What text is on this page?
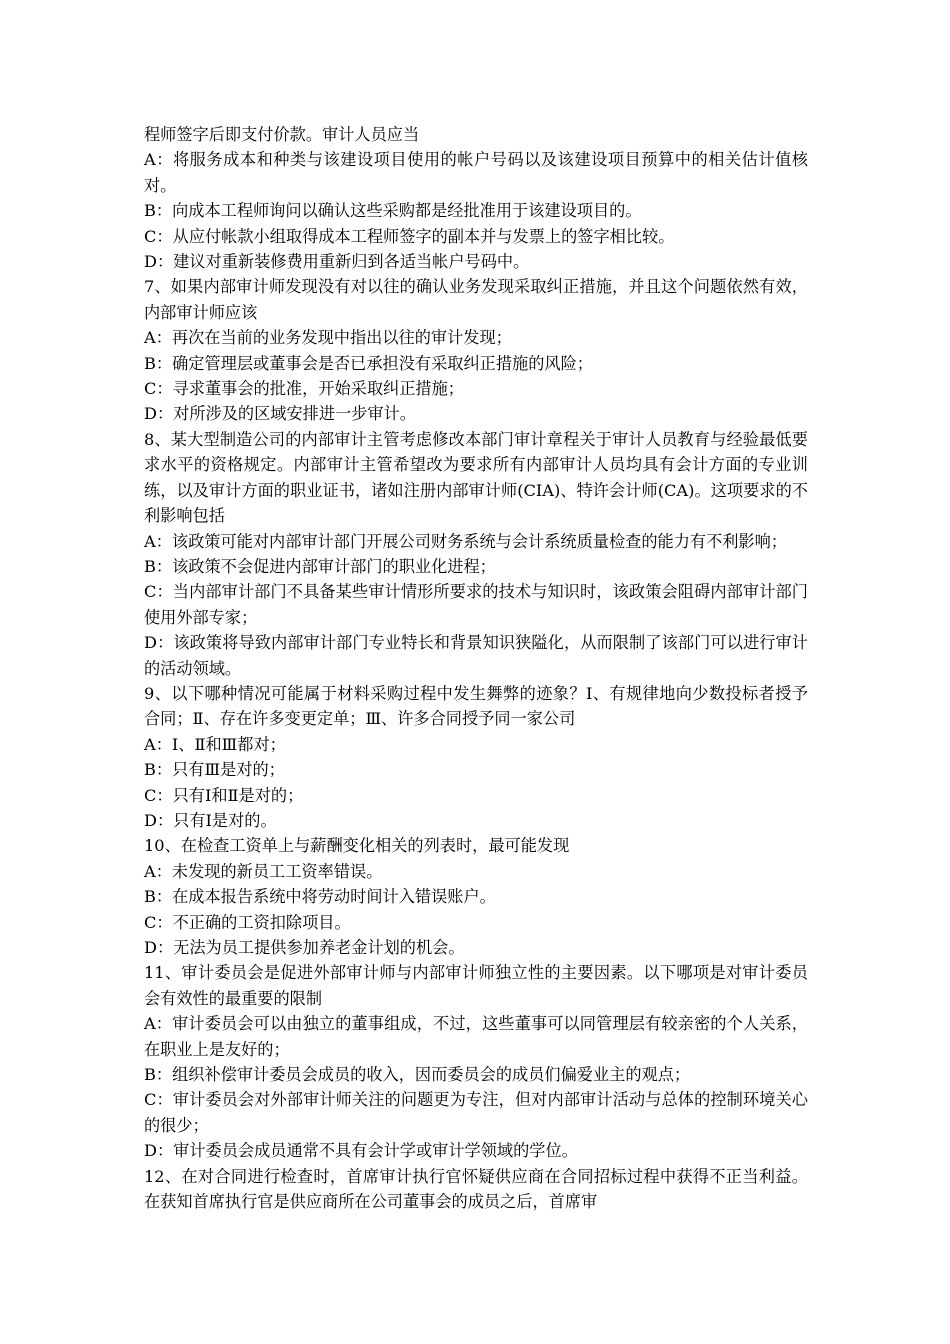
程师签字后即支付价款。审计人员应当

A：将服务成本和种类与该建设项目使用的帐户号码以及该建设项目预算中的相关估计值核对。

B：向成本工程师询问以确认这些采购都是经批准用于该建设项目的。

C：从应付帐款小组取得成本工程师签字的副本并与发票上的签字相比较。

D：建议对重新装修费用重新归到各适当帐户号码中。

7、如果内部审计师发现没有对以往的确认业务发现采取纠正措施，并且这个问题依然有效，内部审计师应该

A：再次在当前的业务发现中指出以往的审计发现；

B：确定管理层或董事会是否已承担没有采取纠正措施的风险；

C：寻求董事会的批准，开始采取纠正措施；

D：对所涉及的区域安排进一步审计。

8、某大型制造公司的内部审计主管考虑修改本部门审计章程关于审计人员教育与经验最低要求水平的资格规定。内部审计主管希望改为要求所有内部审计人员均具有会计方面的专业训练，以及审计方面的职业证书，诸如注册内部审计师(CIA)、特许会计师(CA)。这项要求的不利影响包括

A：该政策可能对内部审计部门开展公司财务系统与会计系统质量检查的能力有不利影响；

B：该政策不会促进内部审计部门的职业化进程；

C：当内部审计部门不具备某些审计情形所要求的技术与知识时，该政策会阻碍内部审计部门使用外部专家；

D：该政策将导致内部审计部门专业特长和背景知识狭隘化，从而限制了该部门可以进行审计的活动领域。

9、以下哪种情况可能属于材料采购过程中发生舞弊的迹象？Ⅰ、有规律地向少数投标者授予合同；Ⅱ、存在许多变更定单；Ⅲ、许多合同授予同一家公司

A：Ⅰ、Ⅱ和Ⅲ都对；

B：只有Ⅲ是对的；

C：只有Ⅰ和Ⅱ是对的；

D：只有Ⅰ是对的。

10、在检查工资单上与薪酬变化相关的列表时，最可能发现

A：未发现的新员工工资率错误。

B：在成本报告系统中将劳动时间计入错误账户。

C：不正确的工资扣除项目。

D：无法为员工提供参加养老金计划的机会。

11、审计委员会是促进外部审计师与内部审计师独立性的主要因素。以下哪项是对审计委员会有效性的最重要的限制

A：审计委员会可以由独立的董事组成，不过，这些董事可以同管理层有较亲密的个人关系，在职业上是友好的；

B：组织补偿审计委员会成员的收入，因而委员会的成员们偏爱业主的观点；

C：审计委员会对外部审计师关注的问题更为专注，但对内部审计活动与总体的控制环境关心的很少；

D：审计委员会成员通常不具有会计学或审计学领域的学位。

12、在对合同进行检查时，首席审计执行官怀疑供应商在合同招标过程中获得不正当利益。在获知首席执行官是供应商所在公司董事会的成员之后，首席审
